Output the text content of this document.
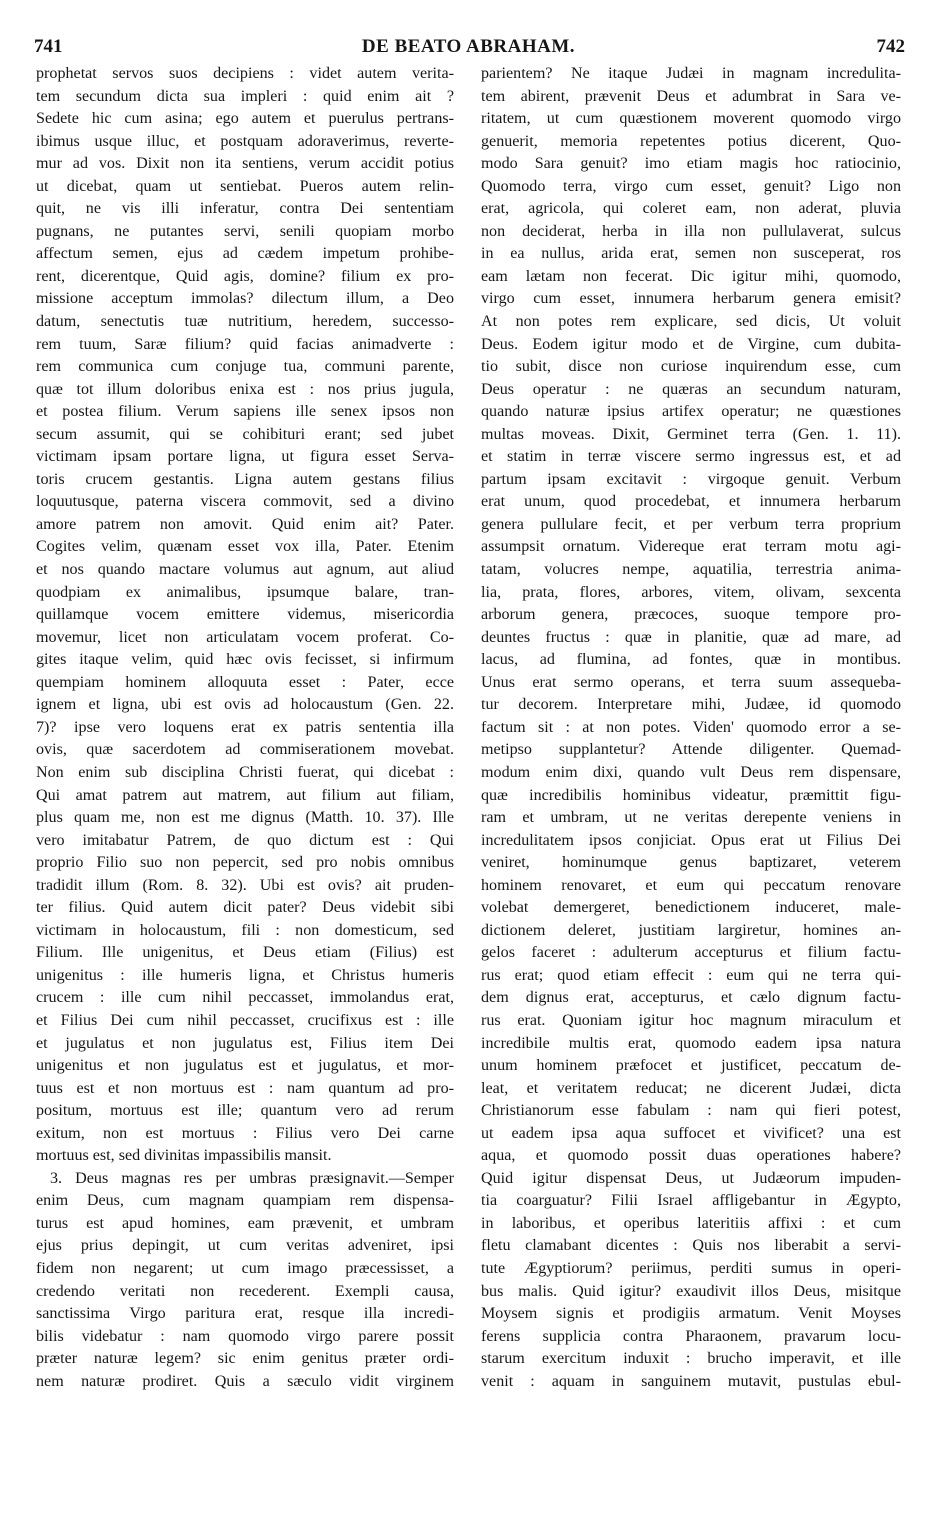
741	DE BEATO ABRAHAM.	742
prophetat servos suos decipiens : videt autem verita-
tem secundum dicta sua impleri : quid enim ait ?
Sedete hic cum asina; ego autem et puerulus pertrans-
ibimus usque illuc, et postquam adoraverimus, reverte-
mur ad vos. Dixit non ita sentiens, verum accidit potius
ut dicebat, quam ut sentiebat. Pueros autem relin-
quit, ne vis illi inferatur, contra Dei sententiam
pugnans, ne putantes servi, senili quopiam morbo
affectum semen, ejus ad cædem impetum prohibe-
rent, dicerentque, Quid agis, domine? filium ex pro-
missione acceptum immolas? dilectum illum, a Deo
datum, senectutis tuæ nutritium, heredem, successo-
rem tuum, Saræ filium? quid facias animadverte :
rem communica cum conjuge tua, communi parente,
quæ tot illum doloribus enixa est : nos prius jugula,
et postea filium. Verum sapiens ille senex ipsos non
secum assumit, qui se cohibituri erant; sed jubet
victimam ipsam portare ligna, ut figura esset Serva-
toris crucem gestantis. Ligna autem gestans filius
loquutusque, paterna viscera commovit, sed a divino
amore patrem non amovit. Quid enim ait? Pater.
Cogites velim, quænam esset vox illa, Pater. Etenim
et nos quando mactare volumus aut agnum, aut aliud
quodpiam ex animalibus, ipsumque balare, tran-
quillamque vocem emittere videmus, misericordia
movemur, licet non articulatam vocem proferat. Co-
gites itaque velim, quid hæc ovis fecisset, si infirmum
quempiam hominem alloquuta esset : Pater, ecce
ignem et ligna, ubi est ovis ad holocaustum (Gen. 22.
7)? ipse vero loquens erat ex patris sententia illa
ovis, quæ sacerdotem ad commiserationem movebat.
Non enim sub disciplina Christi fuerat, qui dicebat :
Qui amat patrem aut matrem, aut filium aut filiam,
plus quam me, non est me dignus (Matth. 10. 37). Ille
vero imitabatur Patrem, de quo dictum est : Qui
proprio Filio suo non pepercit, sed pro nobis omnibus
tradidit illum (Rom. 8. 32). Ubi est ovis? ait pruden-
ter filius. Quid autem dicit pater? Deus videbit sibi
victimam in holocaustum, fili : non domesticum, sed
Filium. Ille unigenitus, et Deus etiam (Filius) est
unigenitus : ille humeris ligna, et Christus humeris
crucem : ille cum nihil peccasset, immolandus erat,
et Filius Dei cum nihil peccasset, crucifixus est : ille
et jugulatus et non jugulatus est, Filius item Dei
unigenitus et non jugulatus est et jugulatus, et mor-
tuus est et non mortuus est : nam quantum ad pro-
positum, mortuus est ille; quantum vero ad rerum
exitum, non est mortuus : Filius vero Dei carne
mortuus est, sed divinitas impassibilis mansit.
3. Deus magnas res per umbras præsignavit.—Semper
enim Deus, cum magnam quampiam rem dispensa-
turus est apud homines, eam prævenit, et umbram
ejus prius depingit, ut cum veritas adveniret, ipsi
fidem non negarent; ut cum imago præcessisset, a
credendo veritati non recederent. Exempli causa,
sanctissima Virgo paritura erat, resque illa incredi-
bilis videbatur : nam quomodo virgo parere possit
præter naturæ legem? sic enim genitus præter ordi-
nem naturæ prodiret. Quis a sæculo vidit virginem
parientem? Ne itaque Judæi in magnam incredulita-
tem abirent, prævenit Deus et adumbrat in Sara ve-
ritatem, ut cum quæstionem moverent quomodo virgo
genuerit, memoria repetentes potius dicerent, Quo-
modo Sara genuit? imo etiam magis hoc ratiocinio,
Quomodo terra, virgo cum esset, genuit? Ligo non
erat, agricola, qui coleret eam, non aderat, pluvia
non deciderat, herba in illa non pullulaverat, sulcus
in ea nullus, arida erat, semen non susceperat, ros
eam lætam non fecerat. Dic igitur mihi, quomodo,
virgo cum esset, innumera herbarum genera emisit?
At non potes rem explicare, sed dicis, Ut voluit
Deus. Eodem igitur modo et de Virgine, cum dubita-
tio subit, disce non curiose inquirendum esse, cum
Deus operatur : ne quæras an secundum naturam,
quando naturæ ipsius artifex operatur; ne quæstiones
multas moveas. Dixit, Germinet terra (Gen. 1. 11).
et statim in terræ viscere sermo ingressus est, et ad
partum ipsam excitavit : virgoque genuit. Verbum
erat unum, quod procedebat, et innumera herbarum
genera pullulare fecit, et per verbum terra proprium
assumpsit ornatum. Videreque erat terram motu agi-
tatam, volucres nempe, aquatilia, terrestria anima-
lia, prata, flores, arbores, vitem, olivam, sexcenta
arborum genera, præcoces, suoque tempore pro-
deuntes fructus : quæ in planitie, quæ ad mare, ad
lacus, ad flumina, ad fontes, quæ in montibus.
Unus erat sermo operans, et terra suum assequeba-
tur decorem. Interpretare mihi, Judæe, id quomodo
factum sit : at non potes. Viden' quomodo error a se-
metipso supplantetur? Attende diligenter. Quemad-
modum enim dixi, quando vult Deus rem dispensare,
quæ incredibilis hominibus videatur, præmittit figu-
ram et umbram, ut ne veritas derepente veniens in
incredulitatem ipsos conjiciat. Opus erat ut Filius Dei
veniret, hominumque genus baptizaret, veterem
hominem renovaret, et eum qui peccatum renovare
volebat demergeret, benedictionem induceret, male-
dictionem deleret, justitiam largiretur, homines an-
gelos faceret : adulterum accepturus et filium factu-
rus erat; quod etiam effecit : eum qui ne terra qui-
dem dignus erat, accepturus, et cælo dignum factu-
rus erat. Quoniam igitur hoc magnum miraculum et
incredibile multis erat, quomodo eadem ipsa natura
unum hominem præfocet et justificet, peccatum de-
leat, et veritatem reducat; ne dicerent Judæi, dicta
Christianorum esse fabulam : nam qui fieri potest,
ut eadem ipsa aqua suffocet et vivificet? una est
aqua, et quomodo possit duas operationes habere?
Quid igitur dispensat Deus, ut Judæorum impuden-
tia coarguatur? Filii Israel affligebantur in Ægypto,
in laboribus, et operibus lateritiis affixi : et cum
fletu clamabant dicentes : Quis nos liberabit a servi-
tute Ægyptiorum? periimus, perditi sumus in operi-
bus malis. Quid igitur? exaudivit illos Deus, misitque
Moysem signis et prodigiis armatum. Venit Moyses
ferens supplicia contra Pharaonem, pravarum locu-
starum exercitum induxit : brucho imperavit, et ille
venit : aquam in sanguinem mutavit, pustulas ebul-
